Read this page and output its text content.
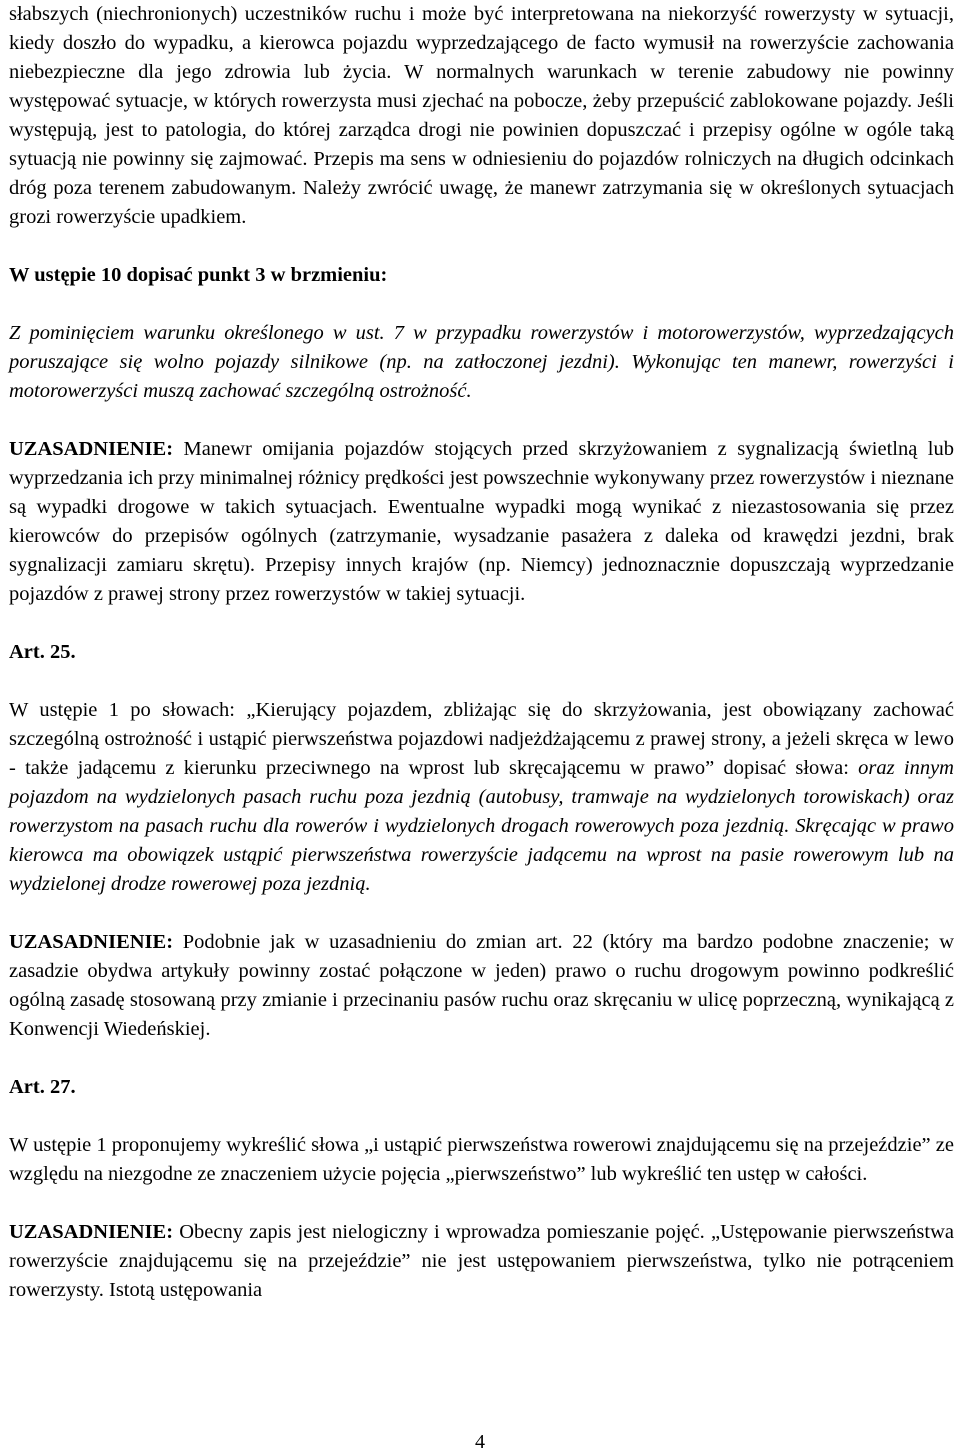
słabszych (niechronionych) uczestników ruchu i może być interpretowana na niekorzyść rowerzysty w sytuacji, kiedy doszło do wypadku, a kierowca pojazdu wyprzedzającego de facto wymusił na rowerzyście zachowania niebezpieczne dla jego zdrowia lub życia. W normalnych warunkach w terenie zabudowy nie powinny występować sytuacje, w których rowerzysta musi zjechać na pobocze, żeby przepuścić zablokowane pojazdy. Jeśli występują, jest to patologia, do której zarządca drogi nie powinien dopuszczać i przepisy ogólne w ogóle taką sytuacją nie powinny się zajmować. Przepis ma sens w odniesieniu do pojazdów rolniczych na długich odcinkach dróg poza terenem zabudowanym. Należy zwrócić uwagę, że manewr zatrzymania się w określonych sytuacjach grozi rowerzyście upadkiem.

W ustępie 10 dopisać punkt 3 w brzmieniu:

Z pominięciem warunku określonego w ust. 7 w przypadku rowerzystów i motorowerzystów, wyprzedzających poruszające się wolno pojazdy silnikowe (np. na zatłoczonej jezdni). Wykonując ten manewr, rowerzyści i motorowerzyści muszą zachować szczególną ostrożność.

UZASADNIENIE: Manewr omijania pojazdów stojących przed skrzyżowaniem z sygnalizacją świetlną lub wyprzedzania ich przy minimalnej różnicy prędkości jest powszechnie wykonywany przez rowerzystów i nieznane są wypadki drogowe w takich sytuacjach. Ewentualne wypadki mogą wynikać z niezastosowania się przez kierowców do przepisów ogólnych (zatrzymanie, wysadzanie pasażera z daleka od krawędzi jezdni, brak sygnalizacji zamiaru skrętu). Przepisy innych krajów (np. Niemcy) jednoznacznie dopuszczają wyprzedzanie pojazdów z prawej strony przez rowerzystów w takiej sytuacji.

Art. 25.

W ustępie 1 po słowach: „Kierujący pojazdem, zbliżając się do skrzyżowania, jest obowiązany zachować szczególną ostrożność i ustąpić pierwszeństwa pojazdowi nadjeżdżającemu z prawej strony, a jeżeli skręca w lewo - także jadącemu z kierunku przeciwnego na wprost lub skręcającemu w prawo” dopisać słowa: oraz innym pojazdom na wydzielonych pasach ruchu poza jezdnią (autobusy, tramwaje na wydzielonych torowiskach) oraz rowerzystom na pasach ruchu dla rowerów i wydzielonych drogach rowerowych poza jezdnią. Skręcając w prawo kierowca ma obowiązek ustąpić pierwszeństwa rowerzyście jadącemu na wprost na pasie rowerowym lub na wydzielonej drodze rowerowej poza jezdnią.

UZASADNIENIE: Podobnie jak w uzasadnieniu do zmian art. 22 (który ma bardzo podobne znaczenie; w zasadzie obydwa artykuły powinny zostać połączone w jeden) prawo o ruchu drogowym powinno podkreślić ogólną zasadę stosowaną przy zmianie i przecinaniu pasów ruchu oraz skręcaniu w ulicę poprzeczną, wynikającą z Konwencji Wiedeńskiej.

Art. 27.

W ustępie 1 proponujemy wykreślić słowa „i ustąpić pierwszeństwa rowerowi znajdującemu się na przejeździe” ze względu na niezgodne ze znaczeniem użycie pojęcia „pierwszeństwo” lub wykreślić ten ustęp w całości.

UZASADNIENIE: Obecny zapis jest nielogiczny i wprowadza pomieszanie pojęć. „Ustępowanie pierwszeństwa rowerzyście znajdującemu się na przejeździe” nie jest ustępowaniem pierwszeństwa, tylko nie potrąceniem rowerzysty. Istotą ustępowania

4
